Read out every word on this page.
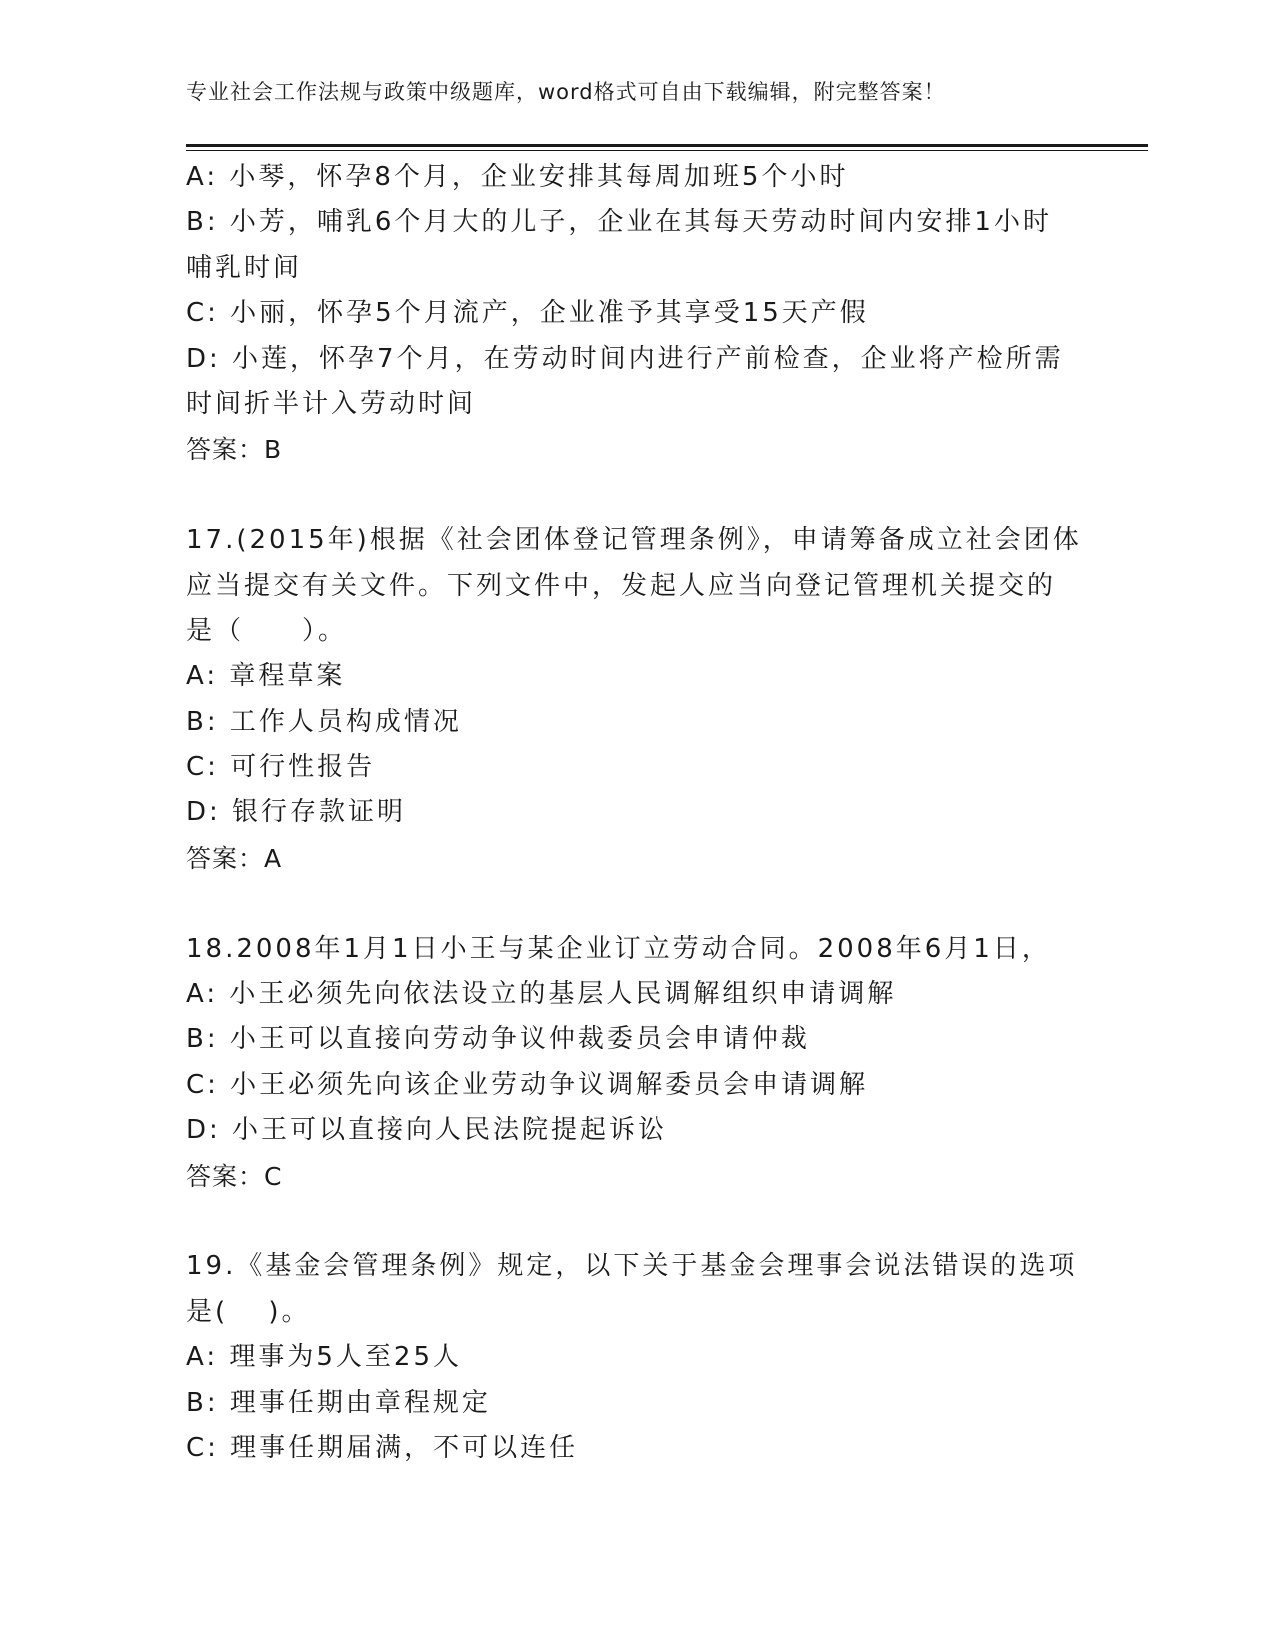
专业社会工作法规与政策中级题库，word格式可自由下载编辑，附完整答案！
A: 小琴，怀孕8个月，企业安排其每周加班5个小时
B: 小芳，哺乳6个月大的儿子，企业在其每天劳动时间内安排1小时
哺乳时间
C: 小丽，怀孕5个月流产，企业准予其享受15天产假
D: 小莲，怀孕7个月，在劳动时间内进行产前检查，企业将产检所需
时间折半计入劳动时间
答案：B
17.(2015年)根据《社会团体登记管理条例》，申请筹备成立社会团体
应当提交有关文件。下列文件中，发起人应当向登记管理机关提交的
是（　　）。
A: 章程草案
B: 工作人员构成情况
C: 可行性报告
D: 银行存款证明
答案：A
18.2008年1月1日小王与某企业订立劳动合同。2008年6月1日，
A: 小王必须先向依法设立的基层人民调解组织申请调解
B: 小王可以直接向劳动争议仲裁委员会申请仲裁
C: 小王必须先向该企业劳动争议调解委员会申请调解
D: 小王可以直接向人民法院提起诉讼
答案：C
19.《基金会管理条例》规定，以下关于基金会理事会说法错误的选项
是(　 )。
A: 理事为5人至25人
B: 理事任期由章程规定
C: 理事任期届满，不可以连任
